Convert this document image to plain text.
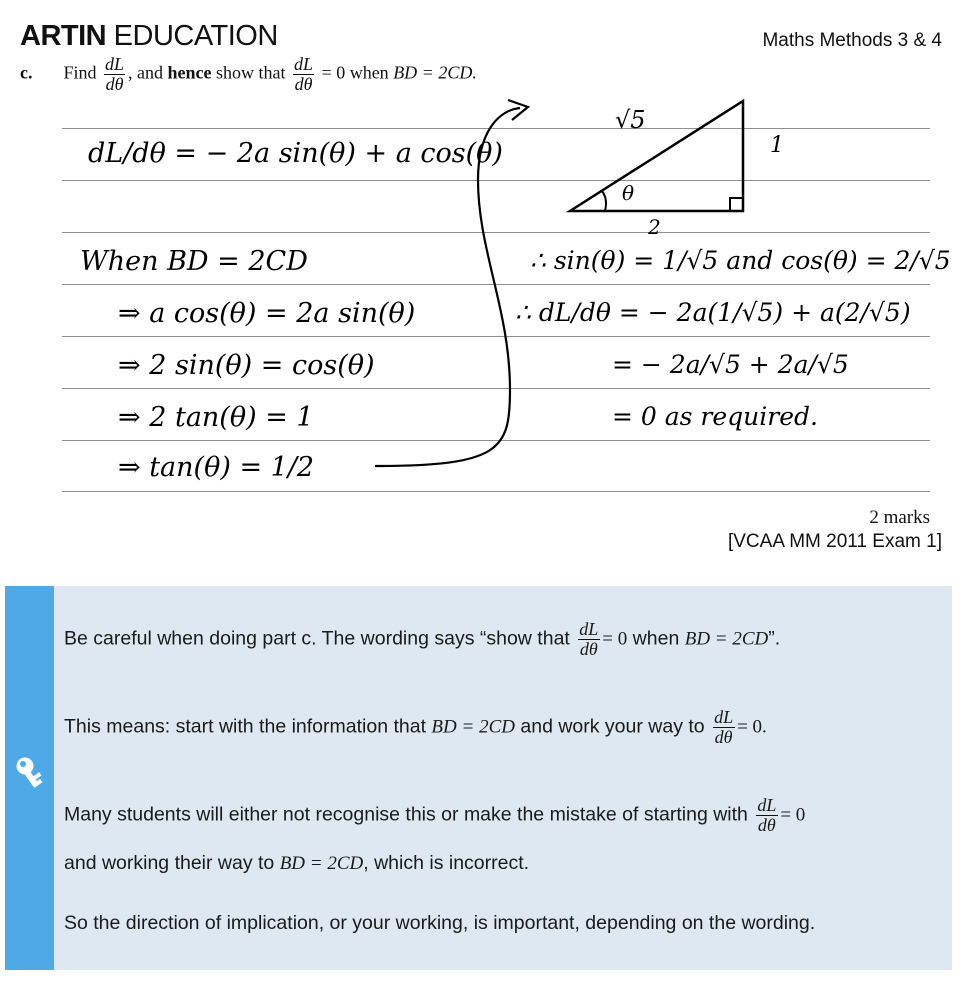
ARTIN EDUCATION	Maths Methods 3 & 4
c. Find $\frac{dL}{d\theta}$ , and hence show that $\frac{dL}{d\theta} = 0$ when BD = 2CD.
dL/dθ = − 2a sin(θ) + a cos(θ)
When BD = 2CD
⇒ a cos(θ) = 2a sin(θ)
⇒ 2 sin(θ) = cos(θ)
⇒ 2 tan(θ) = 1
⇒ tan(θ) = 1/2
∴ sin(θ) = 1/√5 and cos(θ) = 2/√5
∴ dL/dθ = − 2a(1/√5) + a(2/√5)
= − 2a/√5 + 2a/√5
= 0 as required.
√5
1
2
θ
2 marks
[VCAA MM 2011 Exam 1]
Be careful when doing part c. The wording says “show that $\frac{dL}{d\theta} = 0$ when BD = 2CD”.
This means: start with the information that BD = 2CD and work your way to $\frac{dL}{d\theta} = 0$.
Many students will either not recognise this or make the mistake of starting with $\frac{dL}{d\theta} = 0$
and working their way to BD = 2CD, which is incorrect.
So the direction of implication, or your working, is important, depending on the wording.
